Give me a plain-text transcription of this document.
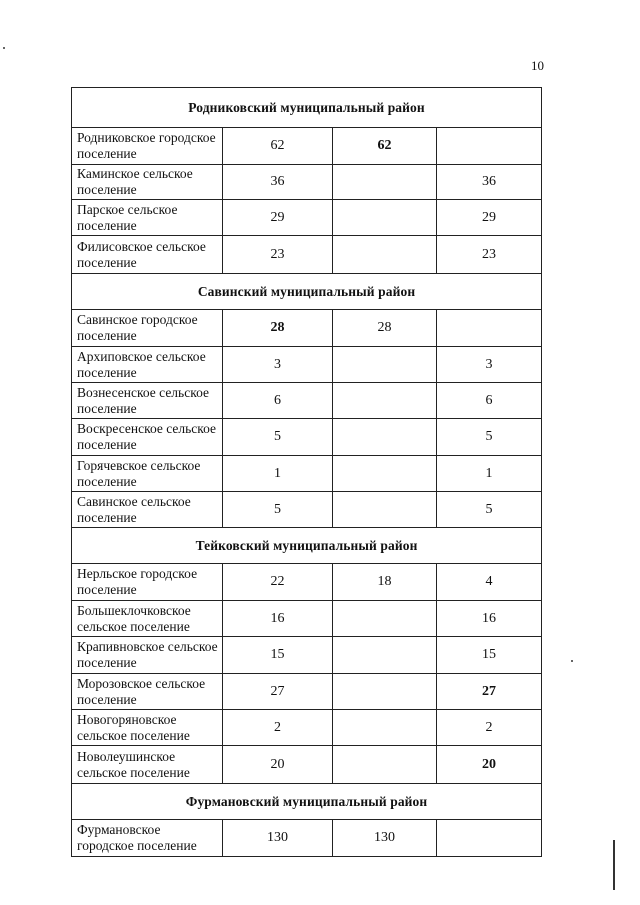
10
Родниковский муниципальный район			
Родниковское городское поселение	62	62	
Каминское сельское поселение	36		36
Парское сельское поселение	29		29
Филисовское сельское поселение	23		23
Савинский муниципальный район			
Савинское городское поселение	28	28	
Архиповское сельское поселение	3		3
Вознесенское сельское поселение	6		6
Воскресенское сельское поселение	5		5
Горячевское сельское поселение	1		1
Савинское сельское поселение	5		5
Тейковский муниципальный район			
Нерльское городское поселение	22	18	4
Большеклочковское сельское поселение	16		16
Крапивновское сельское поселение	15		15
Морозовское сельское поселение	27		27
Новогоряновское сельское поселение	2		2
Новолеушинское сельское поселение	20		20
Фурмановский муниципальный район			
Фурмановское городское поселение	130	130	
